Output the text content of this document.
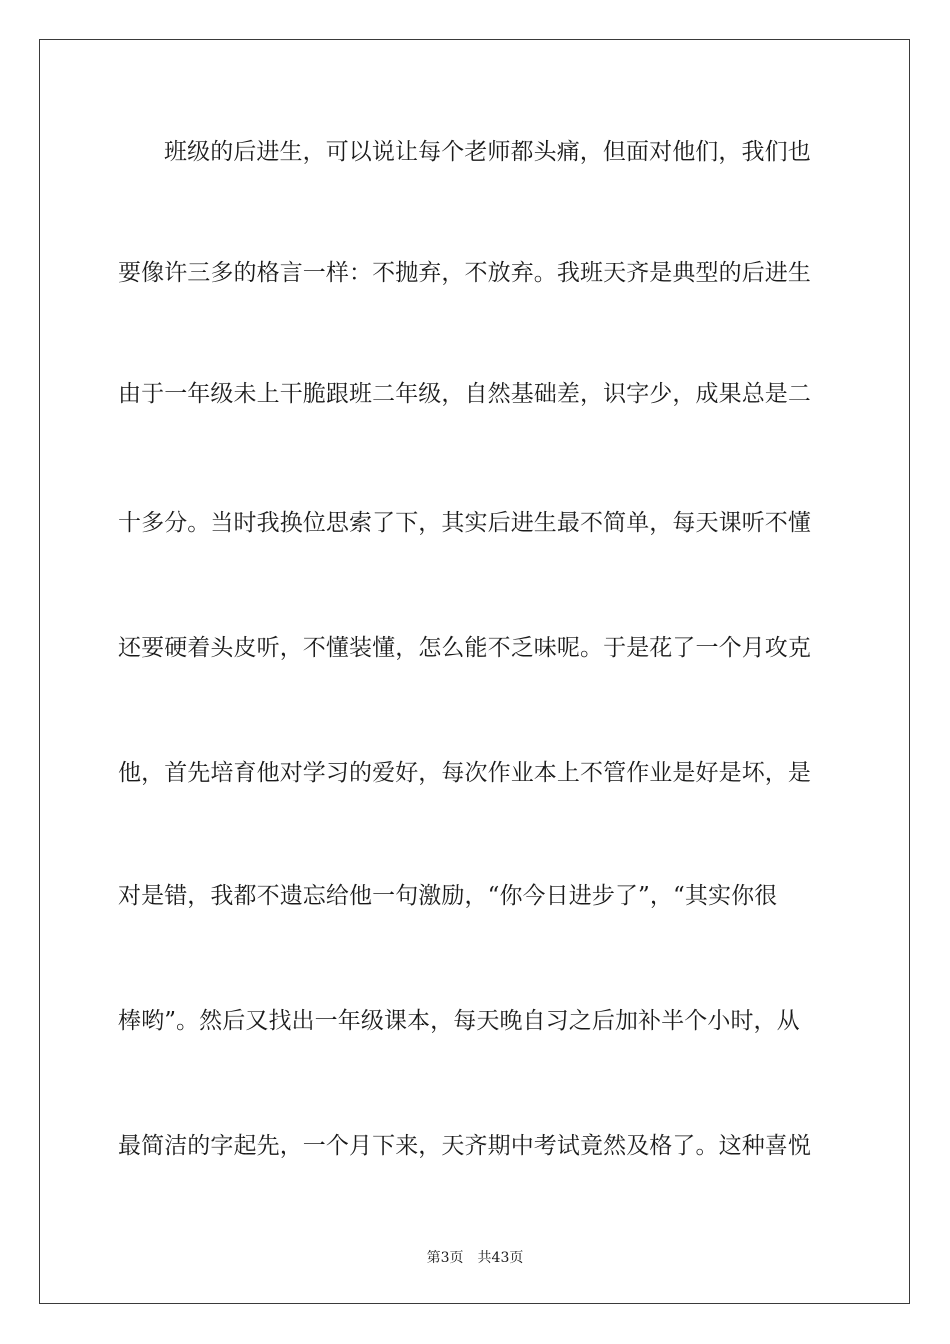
班级的后进生，可以说让每个老师都头痛，但面对他们，我们也
要像许三多的格言一样：不抛弃，不放弃。我班天齐是典型的后进生
由于一年级未上干脆跟班二年级，自然基础差，识字少，成果总是二
十多分。当时我换位思索了下，其实后进生最不简单，每天课听不懂
还要硬着头皮听，不懂装懂，怎么能不乏味呢。于是花了一个月攻克
他，首先培育他对学习的爱好，每次作业本上不管作业是好是坏，是
对是错，我都不遗忘给他一句激励，“你今日进步了”，“其实你很
棒哟”。然后又找出一年级课本，每天晚自习之后加补半个小时，从
最简洁的字起先，一个月下来，天齐期中考试竟然及格了。这种喜悦
第3页 共43页
